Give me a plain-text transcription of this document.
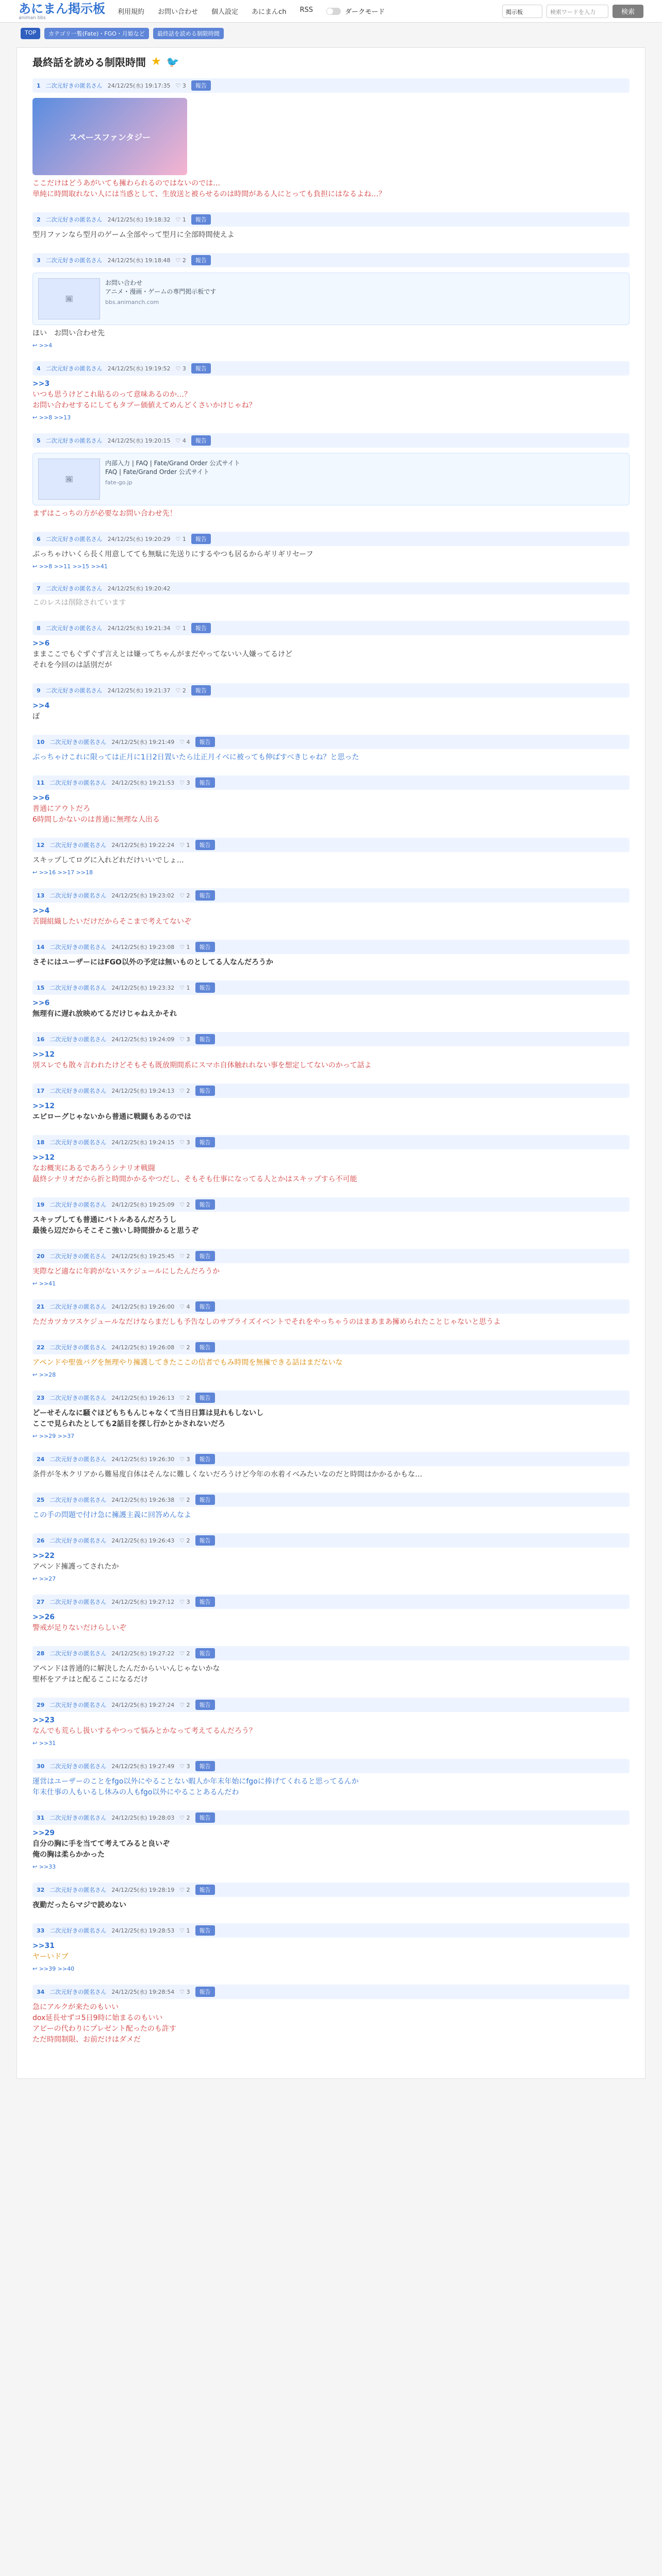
あにまん掲示板
animan bbs
利用規約 お問い合わせ 個人設定 あにまんch RSS	ダークモード	掲示板	検索ワードを入力	検索
TOP	カテゴリ一覧(Fate)・FGO・月姫など	最終話を読める制限時間
最終話を読める制限時間 ★ 🐦
1 二次元好きの匿名さん 24/12/25(水) 19:17:35 ♡ 3	報告
スペースファンタジー
ここだけはどうあがいても擁わられるのではないのでは…
単純に時間取れない人には当惑として、生放送と被らせるのは時間がある人にとっても負担にはなるよね…？
2 二次元好きの匿名さん 24/12/25(水) 19:18:32 ♡ 1	報告
型月ファンなら型月のゲーム全部やって型月に全部時間使えよ
3 二次元好きの匿名さん 24/12/25(水) 19:18:48 ♡ 2	報告
🖼
お問い合わせ
アニメ・漫画・ゲームの専門掲示板です
bbs.animanch.com
ほい　お問い合わせ先
↩ >>4
4 二次元好きの匿名さん 24/12/25(水) 19:19:52 ♡ 3	報告
>>3
いつも思うけどこれ貼るのって意味あるのか…？
お問い合わせするにしてもタブー価値えてめんどくさいかけじゃね？
↩ >>8 >>13
5 二次元好きの匿名さん 24/12/25(水) 19:20:15 ♡ 4	報告
🖼
内部入力 | FAQ | Fate/Grand Order 公式サイト
FAQ | Fate/Grand Order 公式サイト
fate-go.jp
まずはこっちの方が必要なお問い合わせ先！
6 二次元好きの匿名さん 24/12/25(水) 19:20:29 ♡ 1	報告
ぶっちゃけいくら長く用意してても無駄に先送りにするやつも居るからギリギリセーフ
↩ >>8 >>11 >>15 >>41
7 二次元好きの匿名さん 24/12/25(水) 19:20:42
このレスは削除されています
8 二次元好きの匿名さん 24/12/25(水) 19:21:34 ♡ 1	報告
>>6
ままここでもぐずぐず言えとは嫌ってちゃんがまだやってないい人嫌ってるけど
それを今回のは話別だが
9 二次元好きの匿名さん 24/12/25(水) 19:21:37 ♡ 2	報告
>>4
ぽ
10 二次元好きの匿名さん 24/12/25(水) 19:21:49 ♡ 4	報告
ぶっちゃけこれに限っては正月に1日2日置いたら辻正月イベに被っても伸ばすべきじゃね？と思った
11 二次元好きの匿名さん 24/12/25(水) 19:21:53 ♡ 3	報告
>>6
普通にアウトだろ
6時間しかないのは普通に無理な人出る
12 二次元好きの匿名さん 24/12/25(水) 19:22:24 ♡ 1	報告
スキップしてログに入れどれだけいいでしょ…
↩ >>16 >>17 >>18
13 二次元好きの匿名さん 24/12/25(水) 19:23:02 ♡ 2	報告
>>4
苦闘組織したいだけだからそこまで考えてないぞ
14 二次元好きの匿名さん 24/12/25(水) 19:23:08 ♡ 1	報告
さそにはユーザーにはFGO以外の予定は無いものとしてる人なんだろうか
15 二次元好きの匿名さん 24/12/25(水) 19:23:32 ♡ 1	報告
>>6
無理有に遅れ放映めてるだけじゃねえかそれ
16 二次元好きの匿名さん 24/12/25(水) 19:24:09 ♡ 3	報告
>>12
別スレでも散々言われたけどそもそも既放期間系にスマホ自体触れれない事を想定してないのかって話よ
17 二次元好きの匿名さん 24/12/25(水) 19:24:13 ♡ 2	報告
>>12
エピローグじゃないから普通に戦闘もあるのでは
18 二次元好きの匿名さん 24/12/25(水) 19:24:15 ♡ 3	報告
>>12
なお概実にあるであろうシナリオ戦闘
最終シナリオだから折と時間かかるやつだし、そもそも仕事になってる人とかはスキップすら不可能
19 二次元好きの匿名さん 24/12/25(水) 19:25:09 ♡ 2	報告
スキップしても普通にバトルあるんだろうし
最後ら辺だからそこそこ強いし時間掛かると思うぞ
20 二次元好きの匿名さん 24/12/25(水) 19:25:45 ♡ 2	報告
実際など適なに年跨がないスケジュールにしたんだろうか
↩ >>41
21 二次元好きの匿名さん 24/12/25(水) 19:26:00 ♡ 4	報告
ただカツカツスケジュールなだけならまだしも予告なしのサプライズイベントでそれをやっちゃうのはまあまあ擁められたことじゃないと思うよ
22 二次元好きの匿名さん 24/12/25(水) 19:26:08 ♡ 2	報告
アペンドや聖強バグを無理やり擁護してきたここの信者でもみ時間を無擁できる話はまだないな
↩ >>28
23 二次元好きの匿名さん 24/12/25(水) 19:26:13 ♡ 2	報告
どーせそんなに騒ぐほどもちもんじゃなくて当日日算は見れもしないし
ここで見られたとしても2話目を探し行かとかされないだろ
↩ >>29 >>37
24 二次元好きの匿名さん 24/12/25(水) 19:26:30 ♡ 3	報告
条件が冬木クリアから難易度自体はそんなに難しくないだろうけど今年の水着イベみたいなのだと時間はかかるかもな…
25 二次元好きの匿名さん 24/12/25(水) 19:26:38 ♡ 2	報告
この手の問題で付け急に擁護主義に回答めんなよ
26 二次元好きの匿名さん 24/12/25(水) 19:26:43 ♡ 2	報告
>>22
アペンド擁護ってされたか
↩ >>27
27 二次元好きの匿名さん 24/12/25(水) 19:27:12 ♡ 3	報告
>>26
警戒が足りないだけらしいぞ
28 二次元好きの匿名さん 24/12/25(水) 19:27:22 ♡ 2	報告
アペンドは普通的に解決したんだからいいんじゃないかな
聖杯をアチはと配るここになるだけ
29 二次元好きの匿名さん 24/12/25(水) 19:27:24 ♡ 2	報告
>>23
なんでも荒らし扱いするやつって悩みとかなって考えてるんだろう？
↩ >>31
30 二次元好きの匿名さん 24/12/25(水) 19:27:49 ♡ 3	報告
運営はユーザーのことをfgo以外にやることない暇人か年末年始にfgoに捧げてくれると思ってるんか
年末仕事の人もいるし休みの人もfgo以外にやることあるんだわ
31 二次元好きの匿名さん 24/12/25(水) 19:28:03 ♡ 2	報告
>>29
自分の胸に手を当てて考えてみると良いぞ
俺の胸は柔らかかった
↩ >>33
32 二次元好きの匿名さん 24/12/25(水) 19:28:19 ♡ 2	報告
夜勤だったらマジで読めない
33 二次元好きの匿名さん 24/12/25(水) 19:28:53 ♡ 1	報告
>>31
ヤーいドブ
↩ >>39 >>40
34 二次元好きの匿名さん 24/12/25(水) 19:28:54 ♡ 3	報告
急にアルクが来たのもいい
dox延長せずコ5日9時に始まるのもいい
アビーの代わりにプレゼント配ったのも許す
ただ時間制限、お前だけはダメだ
